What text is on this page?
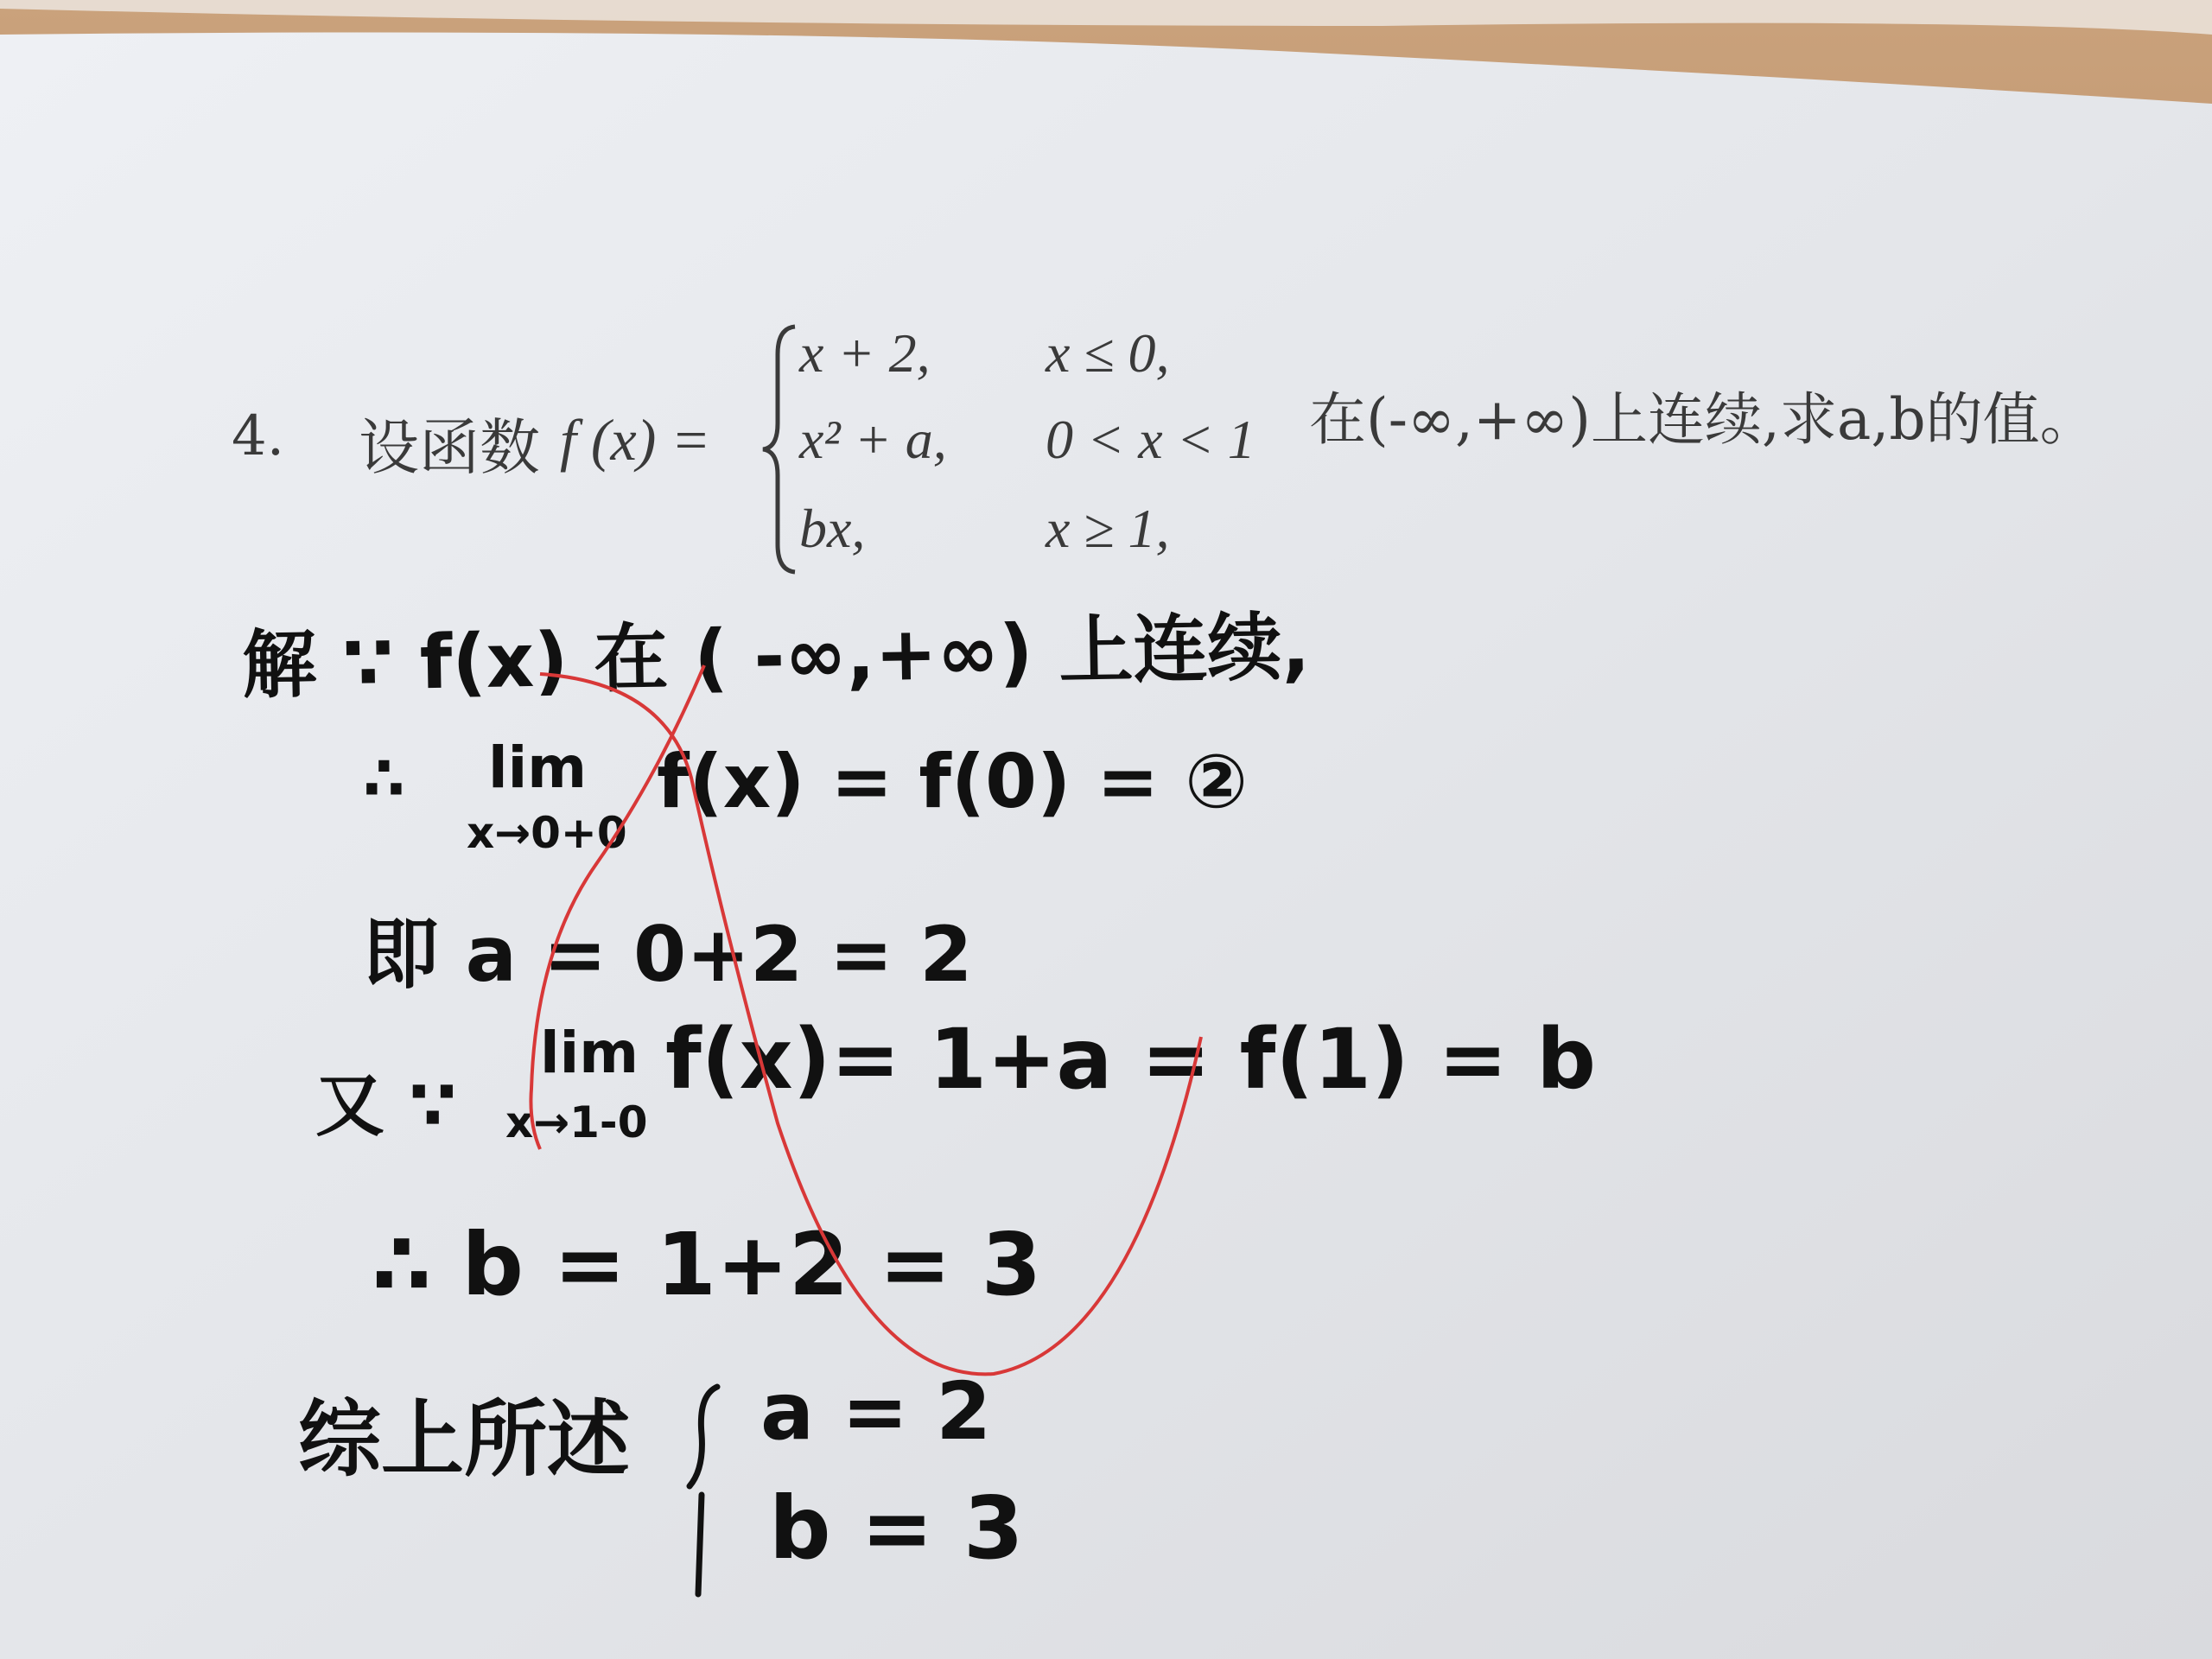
4. 设函数 f (x) =
x + 2, x ≤ 0,
x² + a, 0 < x < 1
bx,	x ≥ 1,
在(-∞,+∞)上连续,求a,b的值。
解 ∵ f(x) 在 ( -∞,+∞) 上连续,
∴ lim
x→0+0
f(x) = f(0) = ②
即 a = 0+2 = 2
又 ∵
lim
x→1-0
f(x)= 1+a = f(1) = b
∴ b = 1+2 = 3
综上所述 a = 2
b = 3
